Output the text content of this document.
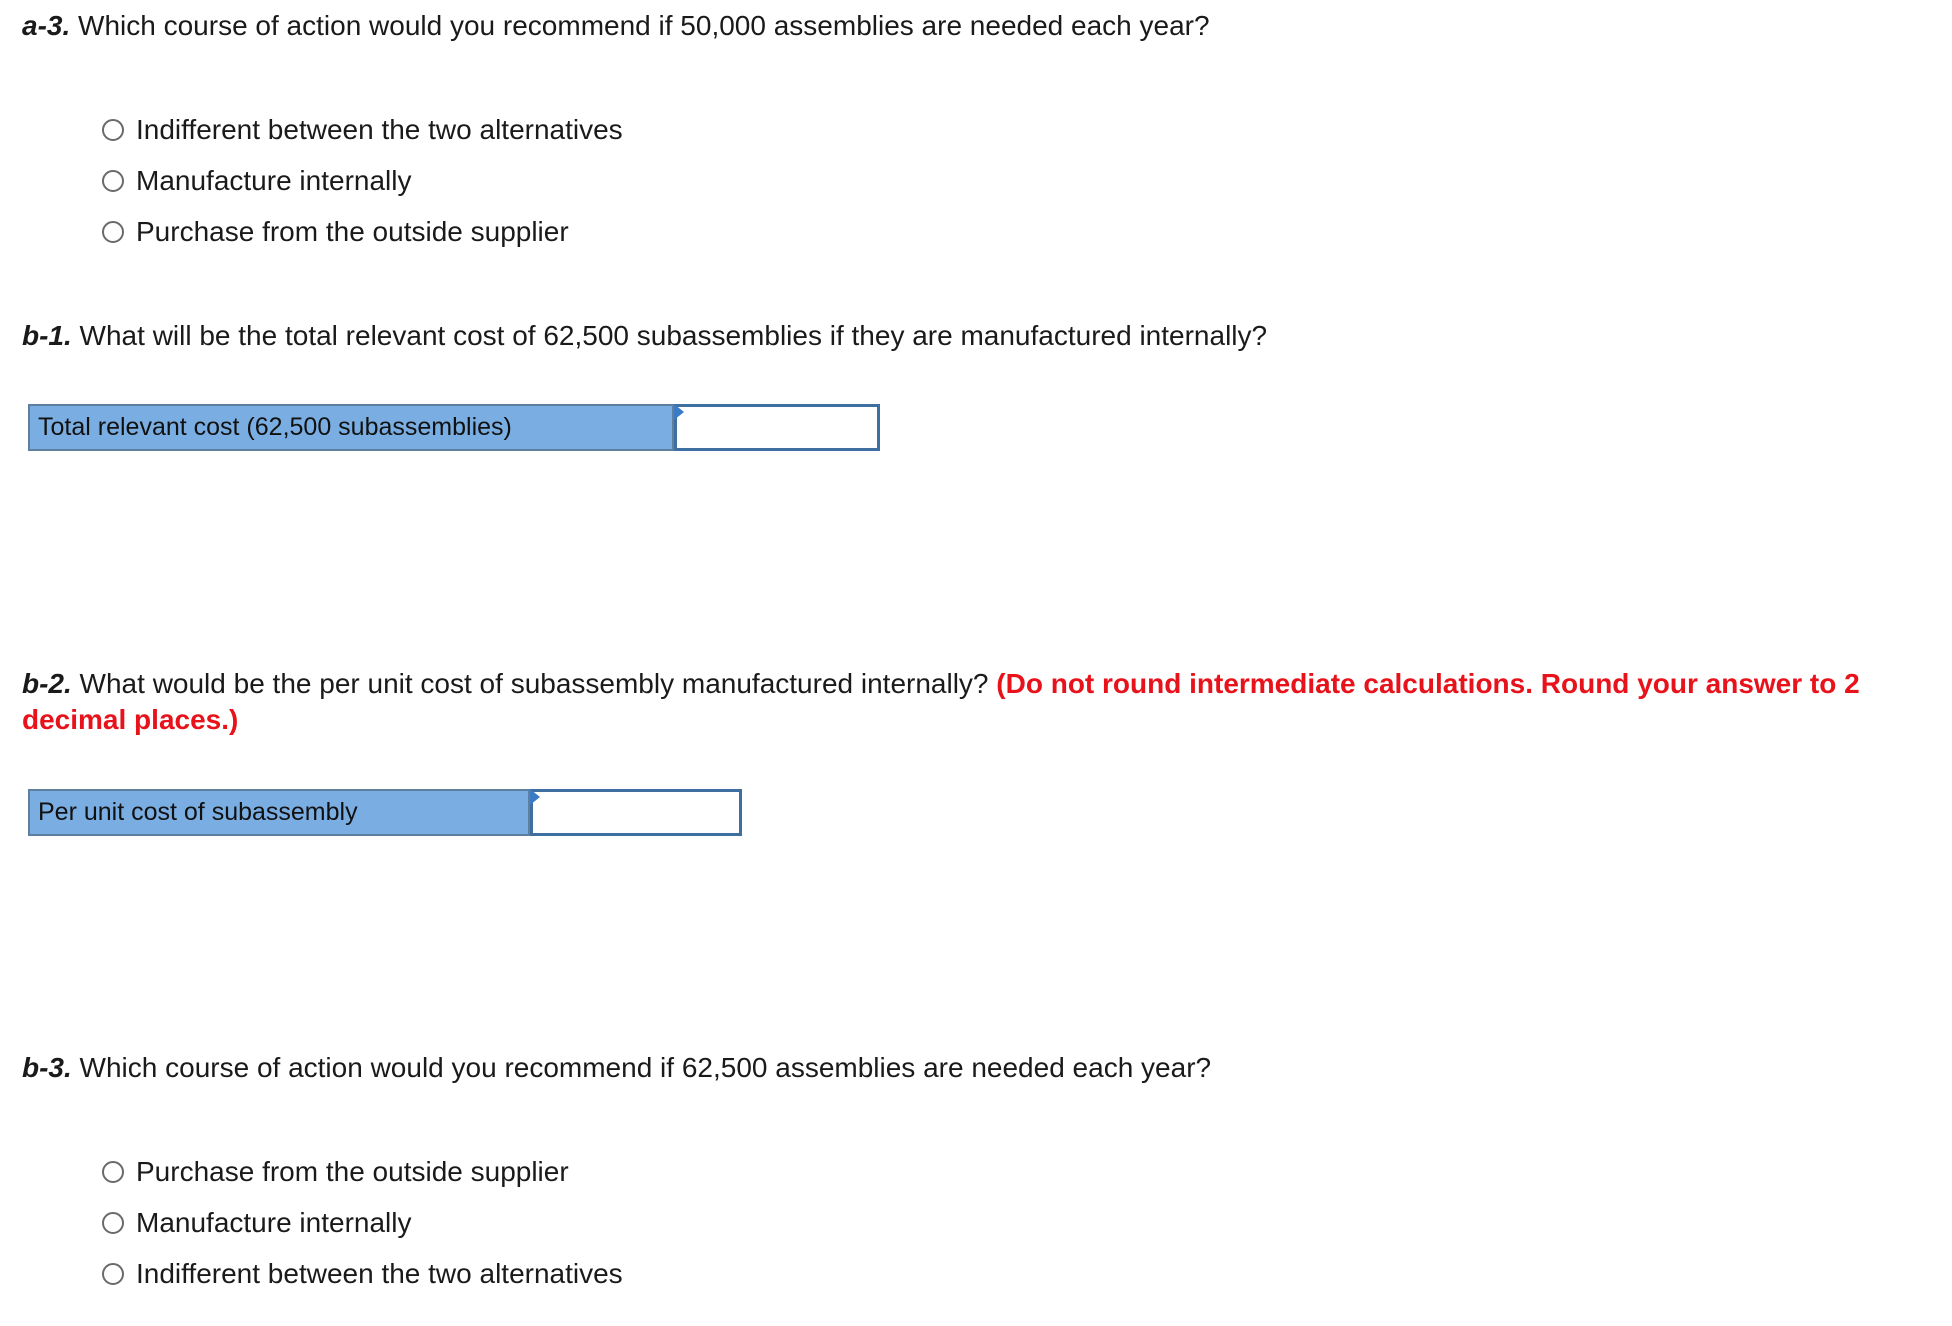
a-3. Which course of action would you recommend if 50,000 assemblies are needed each year?

Indifferent between the two alternatives
Manufacture internally
Purchase from the outside supplier

b-1. What will be the total relevant cost of 62,500 subassemblies if they are manufactured internally?

Total relevant cost (62,500 subassemblies)

b-2. What would be the per unit cost of subassembly manufactured internally? (Do not round intermediate calculations. Round your answer to 2 decimal places.)

Per unit cost of subassembly

b-3. Which course of action would you recommend if 62,500 assemblies are needed each year?

Purchase from the outside supplier
Manufacture internally
Indifferent between the two alternatives
